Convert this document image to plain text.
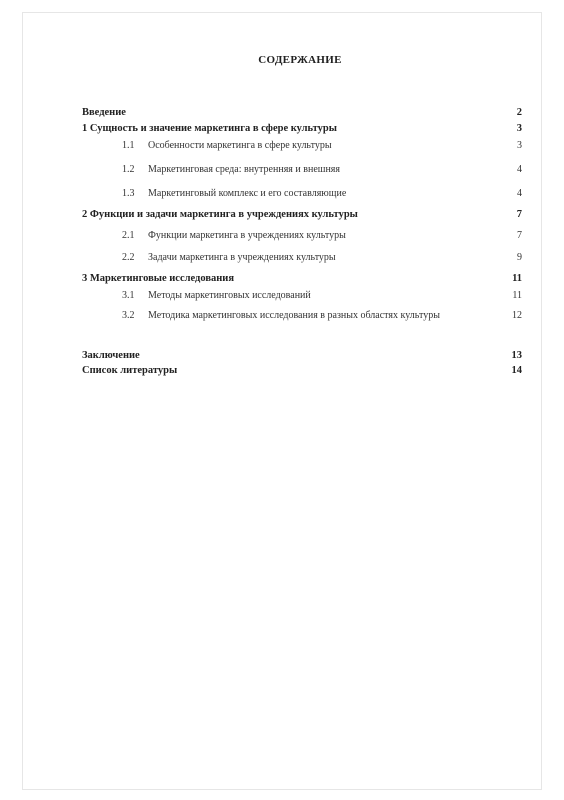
СОДЕРЖАНИЕ
Введение	2
1 Сущность и значение маркетинга в сфере культуры	3
1.1 Особенности маркетинга в сфере культуры	3
1.2 Маркетинговая среда: внутренняя и внешняя	4
1.3 Маркетинговый комплекс и его составляющие	4
2 Функции и задачи маркетинга в учреждениях культуры	7
2.1 Функции маркетинга в учреждениях культуры	7
2.2 Задачи маркетинга в учреждениях культуры	9
3 Маркетинговые исследования	11
3.1 Методы маркетинговых исследований	11
3.2 Методика маркетинговых исследования в разных областях культуры	12
Заключение	13
Список литературы	14
